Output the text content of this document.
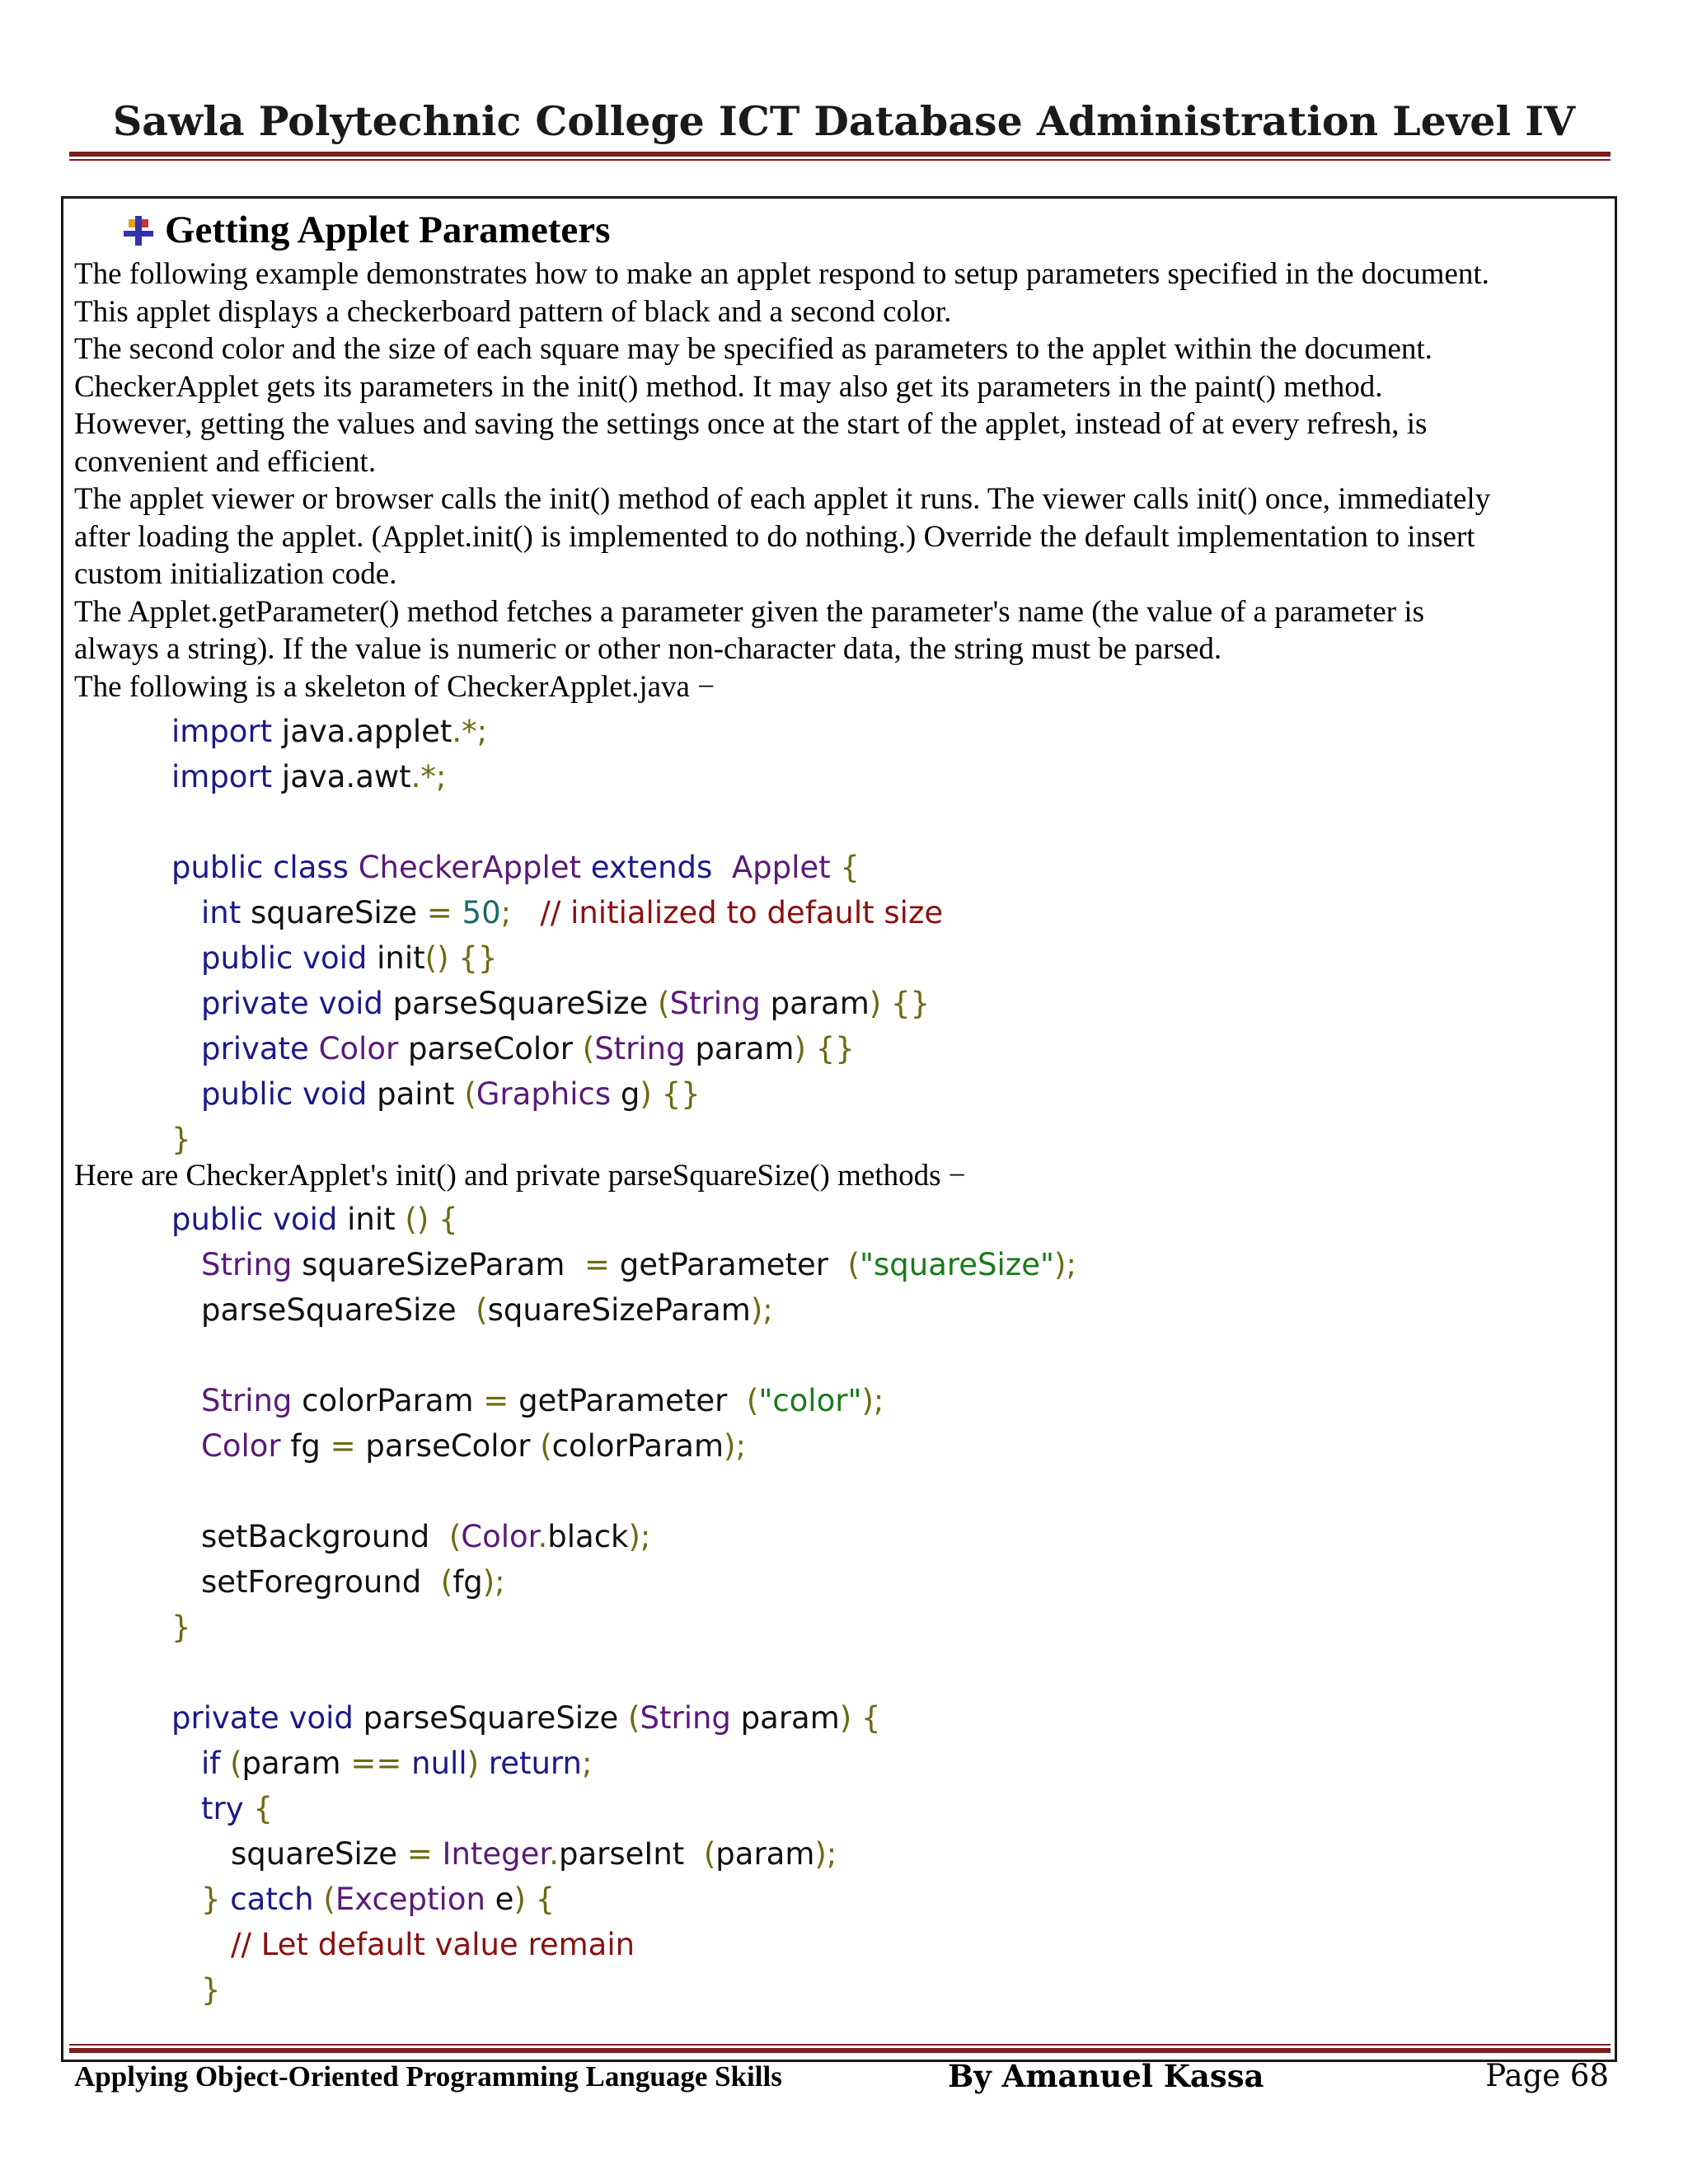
Sawla Polytechnic College ICT Database Administration Level IV
Getting Applet Parameters
The following example demonstrates how to make an applet respond to setup parameters specified in the document.
This applet displays a checkerboard pattern of black and a second color.
The second color and the size of each square may be specified as parameters to the applet within the document.
CheckerApplet gets its parameters in the init() method. It may also get its parameters in the paint() method.
However, getting the values and saving the settings once at the start of the applet, instead of at every refresh, is
convenient and efficient.
The applet viewer or browser calls the init() method of each applet it runs. The viewer calls init() once, immediately
after loading the applet. (Applet.init() is implemented to do nothing.) Override the default implementation to insert
custom initialization code.
The Applet.getParameter() method fetches a parameter given the parameter's name (the value of a parameter is
always a string). If the value is numeric or other non-character data, the string must be parsed.
The following is a skeleton of CheckerApplet.java −
import java.applet.*;
import java.awt.*;
public class CheckerApplet extends  Applet {
int squareSize = 50;   // initialized to default size
public void init() {}
private void parseSquareSize (String param) {}
private Color parseColor (String param) {}
public void paint (Graphics g) {}
}
Here are CheckerApplet's init() and private parseSquareSize() methods −
public void init () {
String squareSizeParam  = getParameter  ("squareSize");
parseSquareSize  (squareSizeParam);
String colorParam = getParameter  ("color");
Color fg = parseColor (colorParam);
setBackground  (Color.black);
setForeground  (fg);
}
private void parseSquareSize (String param) {
if (param == null) return;
try {
squareSize = Integer.parseInt  (param);
} catch (Exception e) {
// Let default value remain
}
Applying Object-Oriented Programming Language Skills	By Amanuel Kassa	Page 68
